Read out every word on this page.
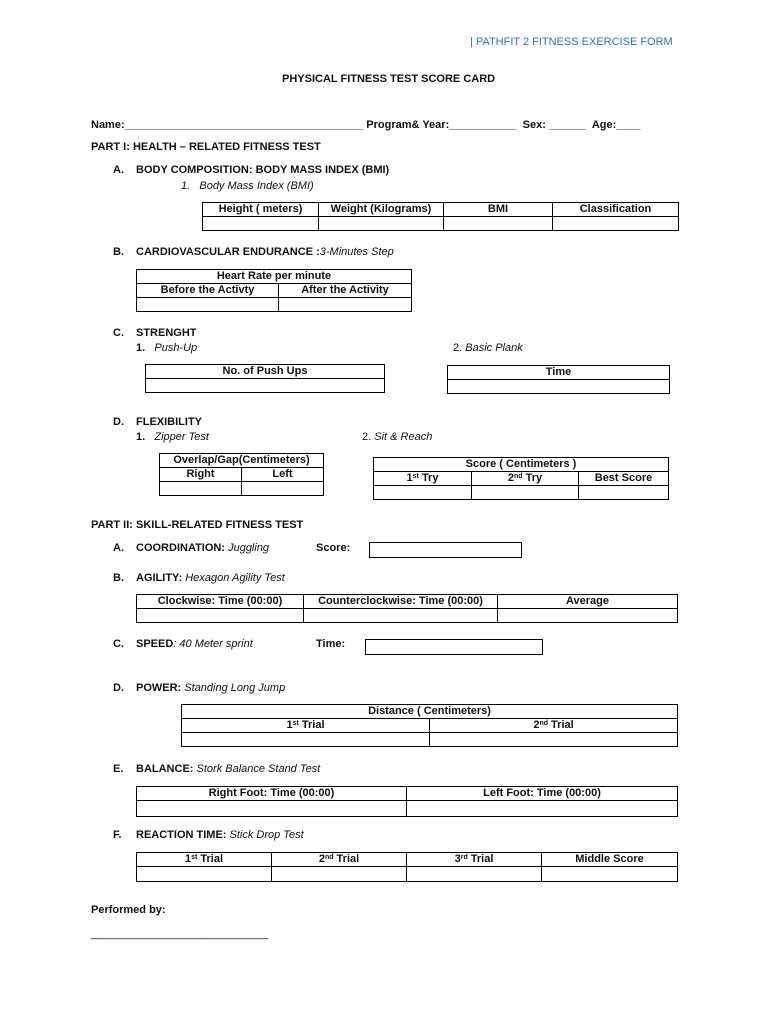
| PATHFIT 2 FITNESS EXERCISE FORM
PHYSICAL FITNESS TEST SCORE CARD
Name:_______________________________________ Program& Year:___________ Sex: ______ Age:____
PART I: HEALTH – RELATED FITNESS TEST
A. BODY COMPOSITION: BODY MASS INDEX (BMI)
1. Body Mass Index (BMI)
Height ( meters)	Weight (Kilograms)	BMI	Classification

B. CARDIOVASCULAR ENDURANCE :3-Minutes Step
Heart Rate per minute	
Before the Activty	After the Activity

C. STRENGHT
1. Push-Up	2. Basic Plank
No. of Push Ups	Time

D. FLEXIBILITY
1. Zipper Test	2. Sit & Reach
Overlap/Gap(Centimeters)	
Right	Left

Score ( Centimeters )		
1st Try	2nd Try	Best Score

PART II: SKILL-RELATED FITNESS TEST
A. COORDINATION: Juggling	Score:
B. AGILITY: Hexagon Agility Test
Clockwise: Time (00:00)	Counterclockwise: Time (00:00)	Average

C. SPEED: 40 Meter sprint	Time:
D. POWER: Standing Long Jump
Distance ( Centimeters)	
1st Trial	2nd Trial

E. BALANCE: Stork Balance Stand Test
Right Foot: Time (00:00)	Left Foot: Time (00:00)

F. REACTION TIME: Stick Drop Test
1st Trial	2nd Trial	3rd Trial	Middle Score

Performed by:
_____________________________
